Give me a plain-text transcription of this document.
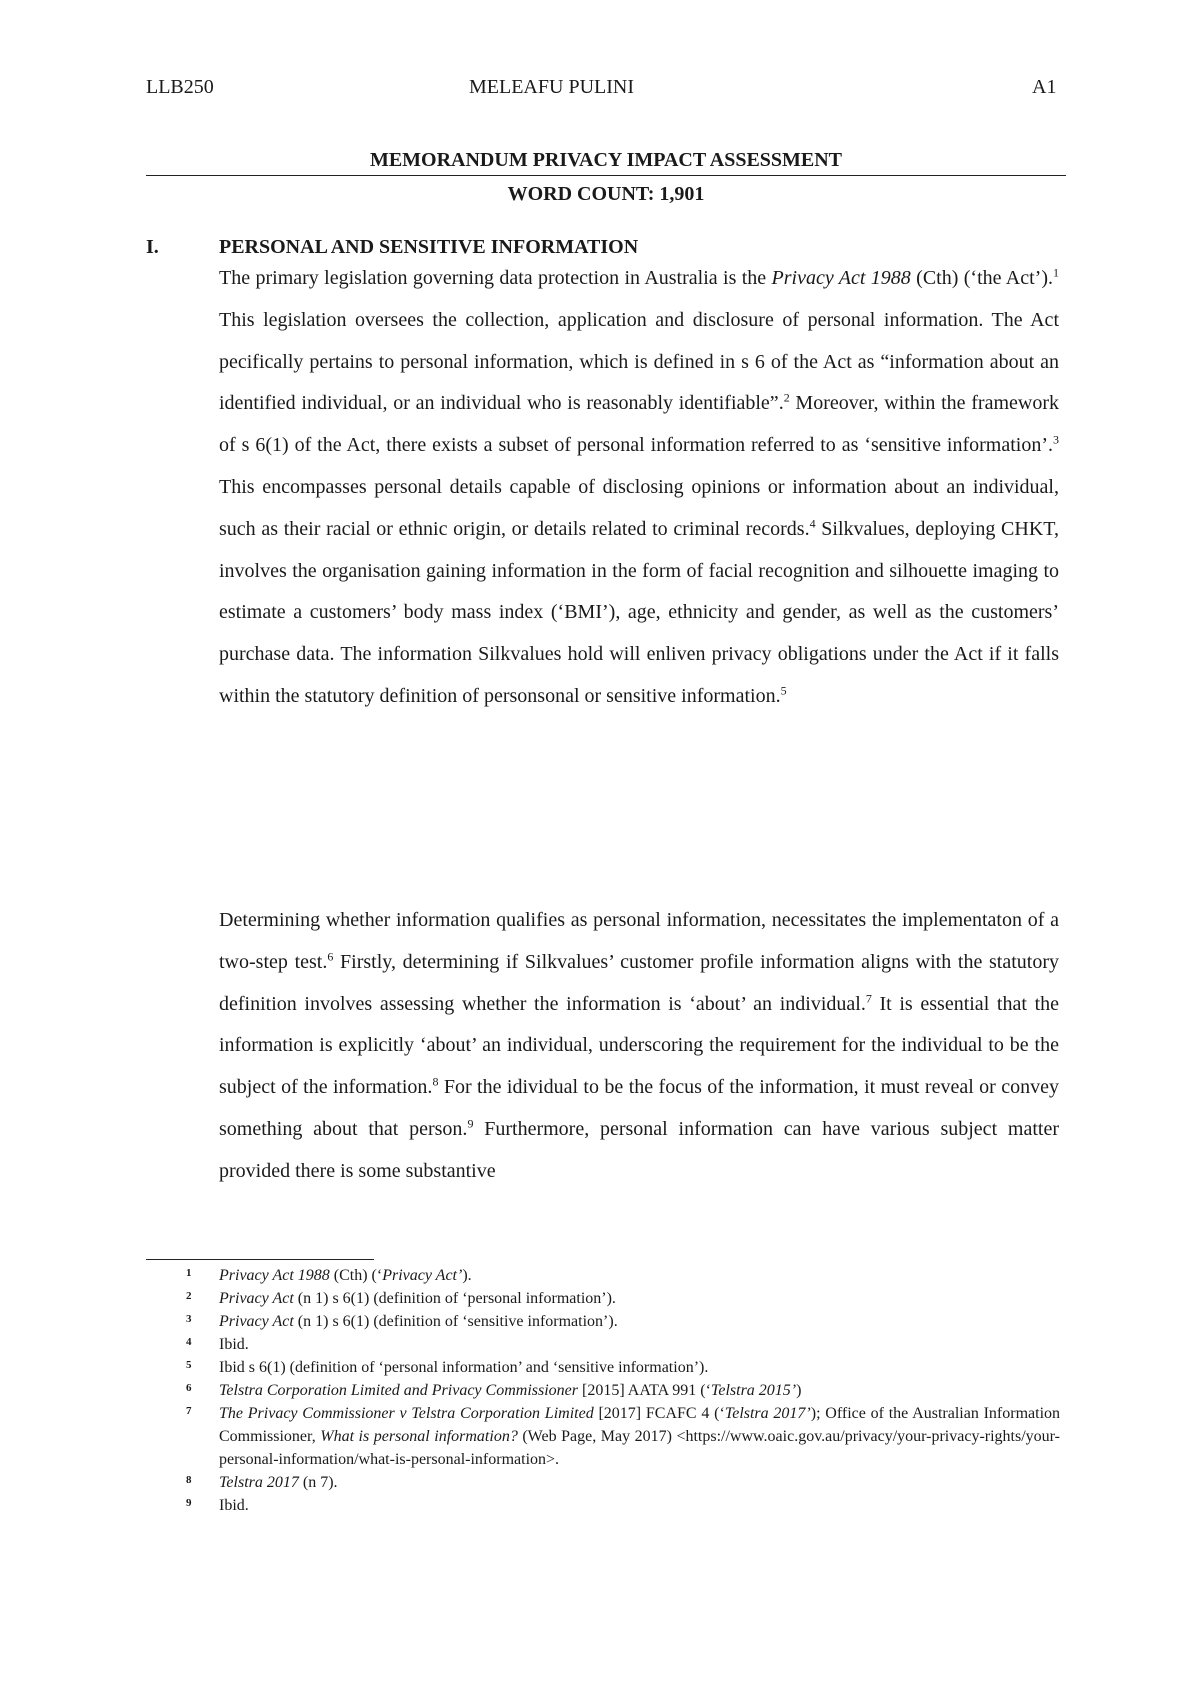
LLB250	MELEAFU PULINI	A1
MEMORANDUM PRIVACY IMPACT ASSESSMENT
WORD COUNT: 1,901
I.	PERSONAL AND SENSITIVE INFORMATION

The primary legislation governing data protection in Australia is the Privacy Act 1988 (Cth) (‘the Act’).$^1$ This legislation oversees the collection, application and disclosure of personal information. The Act pecifically pertains to personal information, which is defined in s 6 of the Act as “information about an identified individual, or an individual who is reasonably identifiable”.$^2$ Moreover, within the framework of s 6(1) of the Act, there exists a subset of personal information referred to as ‘sensitive information’.$^3$ This encompasses personal details capable of disclosing opinions or information about an individual, such as their racial or ethnic origin, or details related to criminal records.$^4$ Silkvalues, deploying CHKT, involves the organisation gaining information in the form of facial recognition and silhouette imaging to estimate a customers’ body mass index (‘BMI’), age, ethnicity and gender, as well as the customers’ purchase data. The information Silkvalues hold will enliven privacy obligations under the Act if it falls within the statutory definition of personsonal or sensitive information.$^5$

Determining whether information qualifies as personal information, necessitates the implementaton of a two-step test.$^6$ Firstly, determining if Silkvalues’ customer profile information aligns with the statutory definition involves assessing whether the information is ‘about’ an individual.$^7$ It is essential that the information is explicitly ‘about’ an individual, underscoring the requirement for the individual to be the subject of the information.$^8$ For the idividual to be the focus of the information, it must reveal or convey something about that person.$^9$ Furthermore, personal information can have various subject matter provided there is some substantive

1 Privacy Act 1988 (Cth) (‘Privacy Act’).
2 Privacy Act (n 1) s 6(1) (definition of ‘personal information’).
3 Privacy Act (n 1) s 6(1) (definition of ‘sensitive information’).
4 Ibid.
5 Ibid s 6(1) (definition of ‘personal information’ and ‘sensitive information’).
6 Telstra Corporation Limited and Privacy Commissioner [2015] AATA 991 (‘Telstra 2015’)
7 The Privacy Commissioner v Telstra Corporation Limited [2017] FCAFC 4 (‘Telstra 2017’); Office of the Australian Information Commissioner, What is personal information? (Web Page, May 2017) <https://www.oaic.gov.au/privacy/your-privacy-rights/your-personal-information/what-is-personal-information>.
8 Telstra 2017 (n 7).
9 Ibid.
